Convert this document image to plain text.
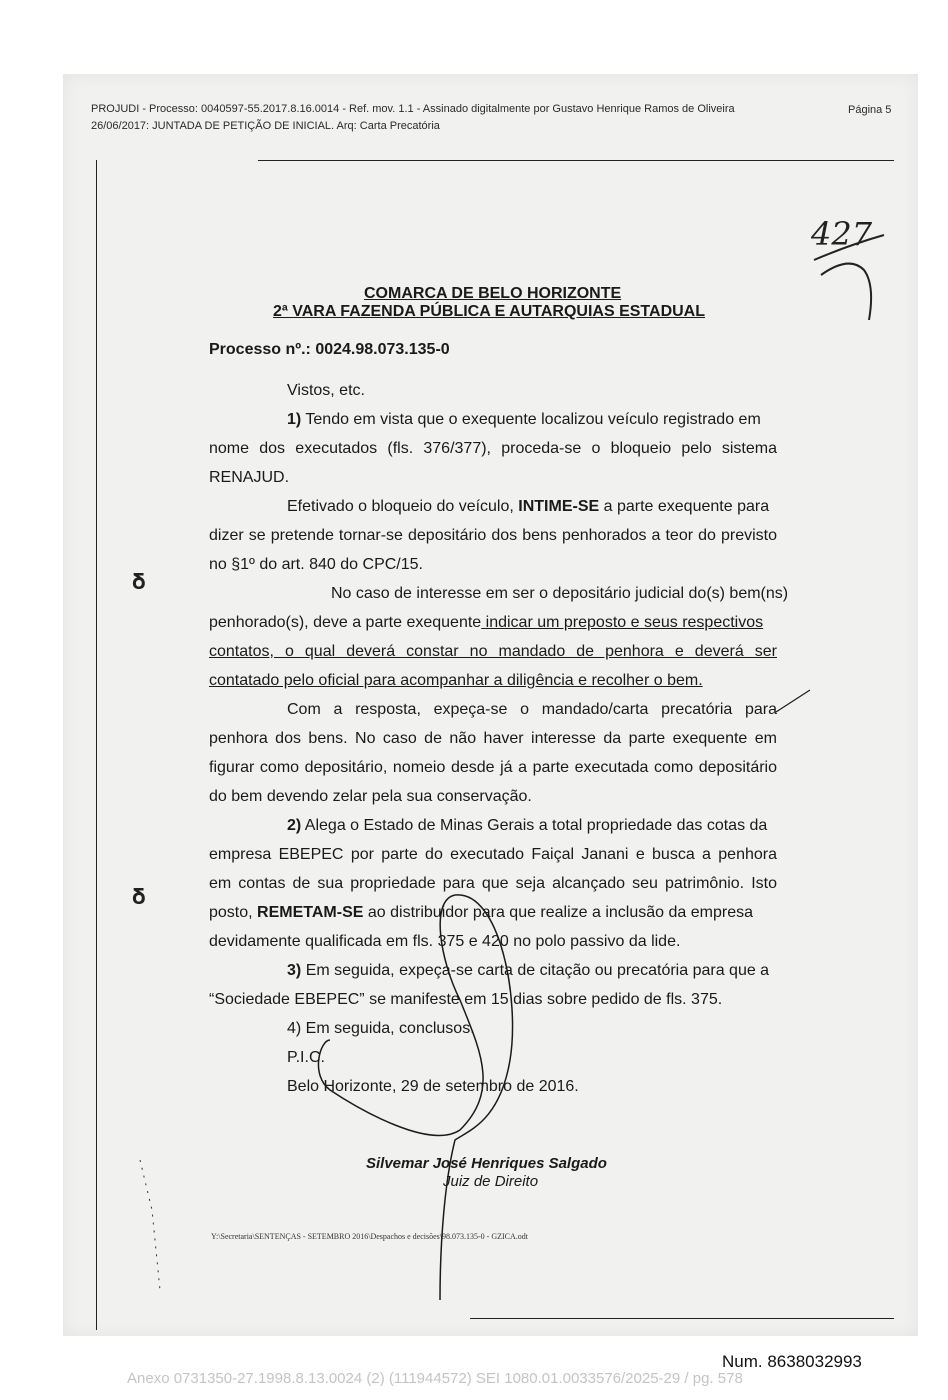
PROJUDI - Processo: 0040597-55.2017.8.16.0014 - Ref. mov. 1.1 - Assinado digitalmente por Gustavo Henrique Ramos de Oliveira
26/06/2017: JUNTADA DE PETIÇÃO DE INICIAL. Arq: Carta Precatória
Página 5
427
COMARCA DE BELO HORIZONTE
2ª VARA FAZENDA PÚBLICA E AUTARQUIAS ESTADUAL
Processo nº.: 0024.98.073.135-0
Vistos, etc.
1) Tendo em vista que o exequente localizou veículo registrado em
nome dos executados (fls. 376/377), proceda-se o bloqueio pelo sistema
RENAJUD.
Efetivado o bloqueio do veículo, INTIME-SE a parte exequente para
dizer se pretende tornar-se depositário dos bens penhorados a teor do previsto
no §1º do art. 840 do CPC/15.
No caso de interesse em ser o depositário judicial do(s) bem(ns)
penhorado(s), deve a parte exequente indicar um preposto e seus respectivos
contatos, o qual deverá constar no mandado de penhora e deverá ser
contatado pelo oficial para acompanhar a diligência e recolher o bem.
Com a resposta, expeça-se o mandado/carta precatória para
penhora dos bens. No caso de não haver interesse da parte exequente em
figurar como depositário, nomeio desde já a parte executada como depositário
do bem devendo zelar pela sua conservação.
2) Alega o Estado de Minas Gerais a total propriedade das cotas da
empresa EBEPEC por parte do executado Faiçal Janani e busca a penhora
em contas de sua propriedade para que seja alcançado seu patrimônio. Isto
posto, REMETAM-SE ao distribuidor para que realize a inclusão da empresa
devidamente qualificada em fls. 375 e 420 no polo passivo da lide.
3) Em seguida, expeça-se carta de citação ou precatória para que a
“Sociedade EBEPEC” se manifeste em 15 dias sobre pedido de fls. 375.
4) Em seguida, conclusos.
P.I.C.
Belo Horizonte, 29 de setembro de 2016.
Silvemar José Henriques Salgado
Juiz de Direito
Y:\Secretaria\SENTENÇAS - SETEMBRO 2016\Despachos e decisões\98.073.135-0 - GZICA.odt
𝛅
𝛅
Num. 8638032993
Anexo 0731350-27.1998.8.13.0024 (2) (111944572) SEI 1080.01.0033576/2025-29 / pg. 578
